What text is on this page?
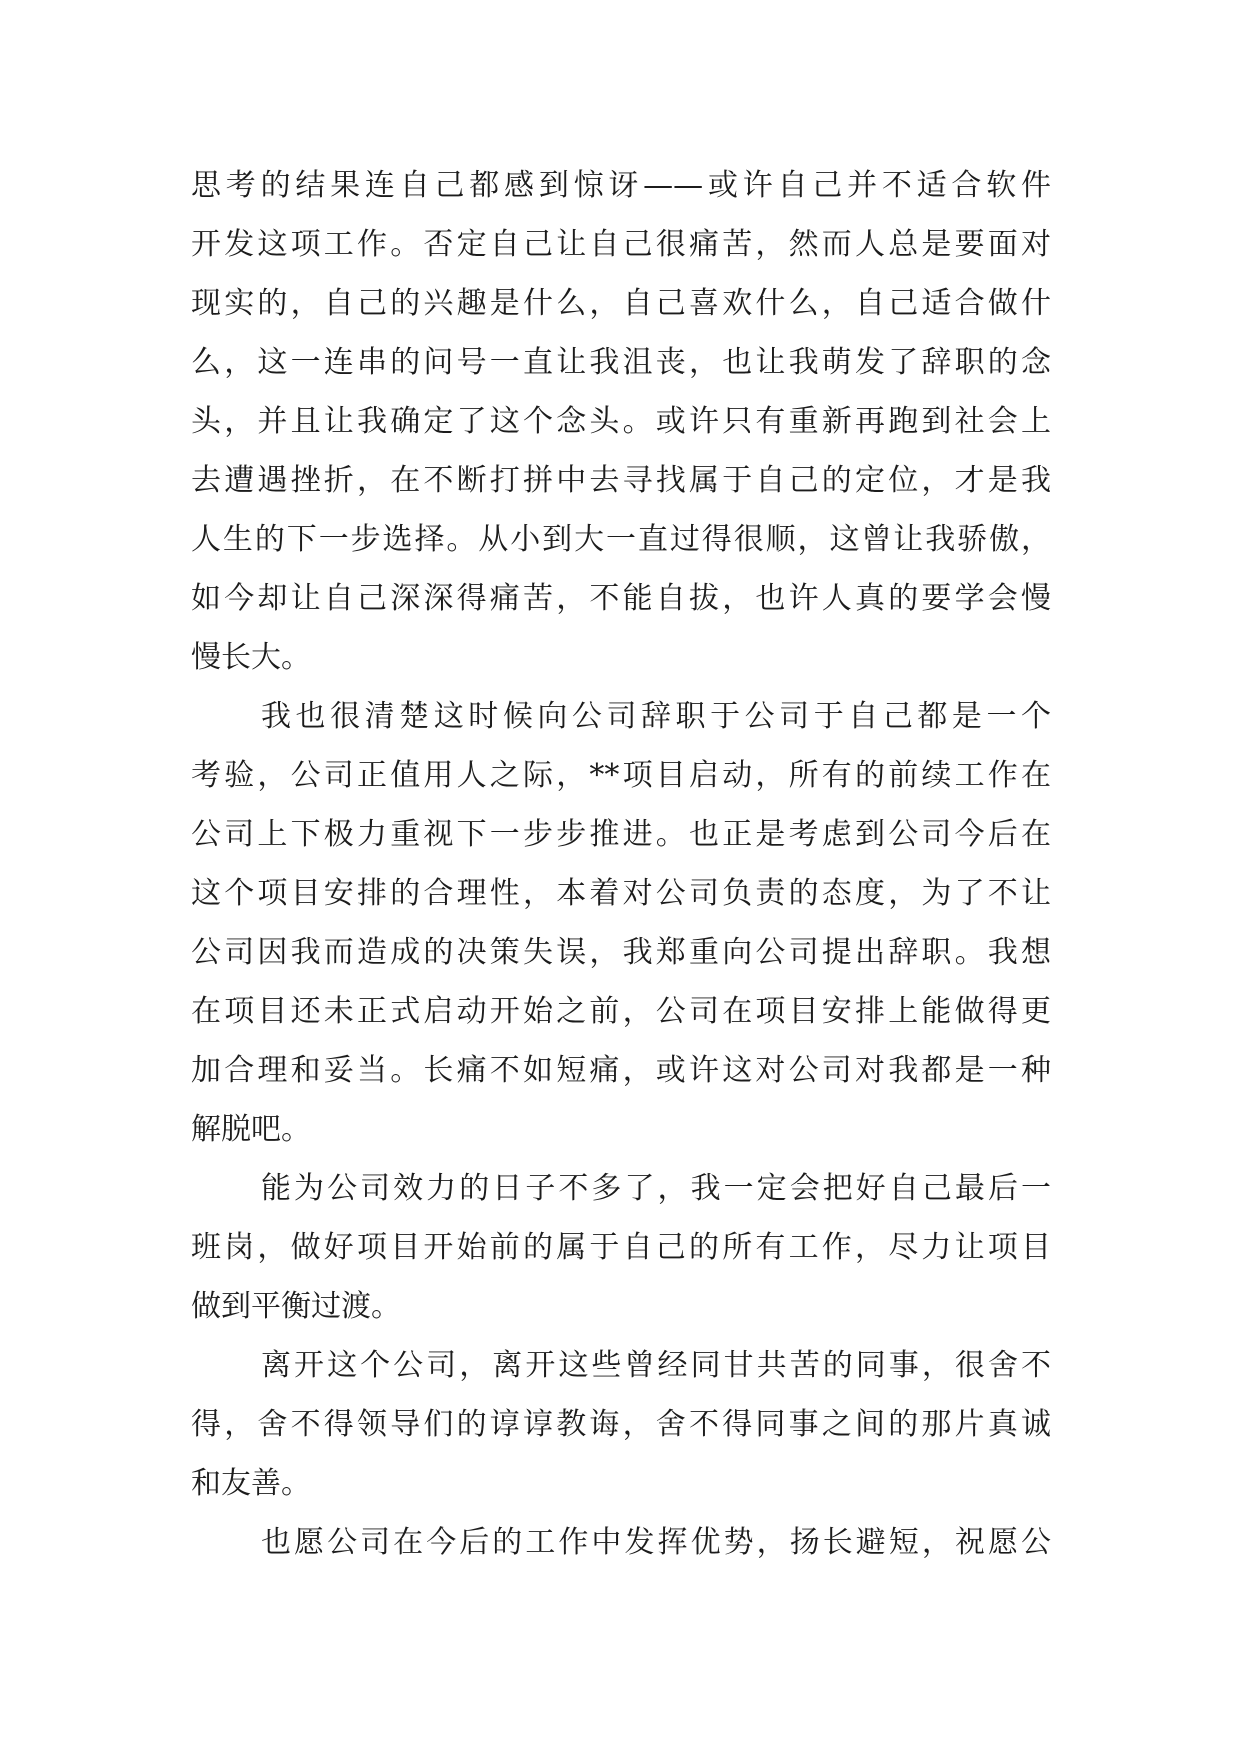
思考的结果连自己都感到惊讶——或许自己并不适合软件
开发这项工作。否定自己让自己很痛苦，然而人总是要面对
现实的，自己的兴趣是什么，自己喜欢什么，自己适合做什
么，这一连串的问号一直让我沮丧，也让我萌发了辞职的念
头，并且让我确定了这个念头。或许只有重新再跑到社会上
去遭遇挫折，在不断打拼中去寻找属于自己的定位，才是我
人生的下一步选择。从小到大一直过得很顺，这曾让我骄傲，
如今却让自己深深得痛苦，不能自拔，也许人真的要学会慢
慢长大。
我也很清楚这时候向公司辞职于公司于自己都是一个
考验，公司正值用人之际，**项目启动，所有的前续工作在
公司上下极力重视下一步步推进。也正是考虑到公司今后在
这个项目安排的合理性，本着对公司负责的态度，为了不让
公司因我而造成的决策失误，我郑重向公司提出辞职。我想
在项目还未正式启动开始之前，公司在项目安排上能做得更
加合理和妥当。长痛不如短痛，或许这对公司对我都是一种
解脱吧。
能为公司效力的日子不多了，我一定会把好自己最后一
班岗，做好项目开始前的属于自己的所有工作，尽力让项目
做到平衡过渡。
离开这个公司，离开这些曾经同甘共苦的同事，很舍不
得，舍不得领导们的谆谆教诲，舍不得同事之间的那片真诚
和友善。
也愿公司在今后的工作中发挥优势，扬长避短，祝愿公
